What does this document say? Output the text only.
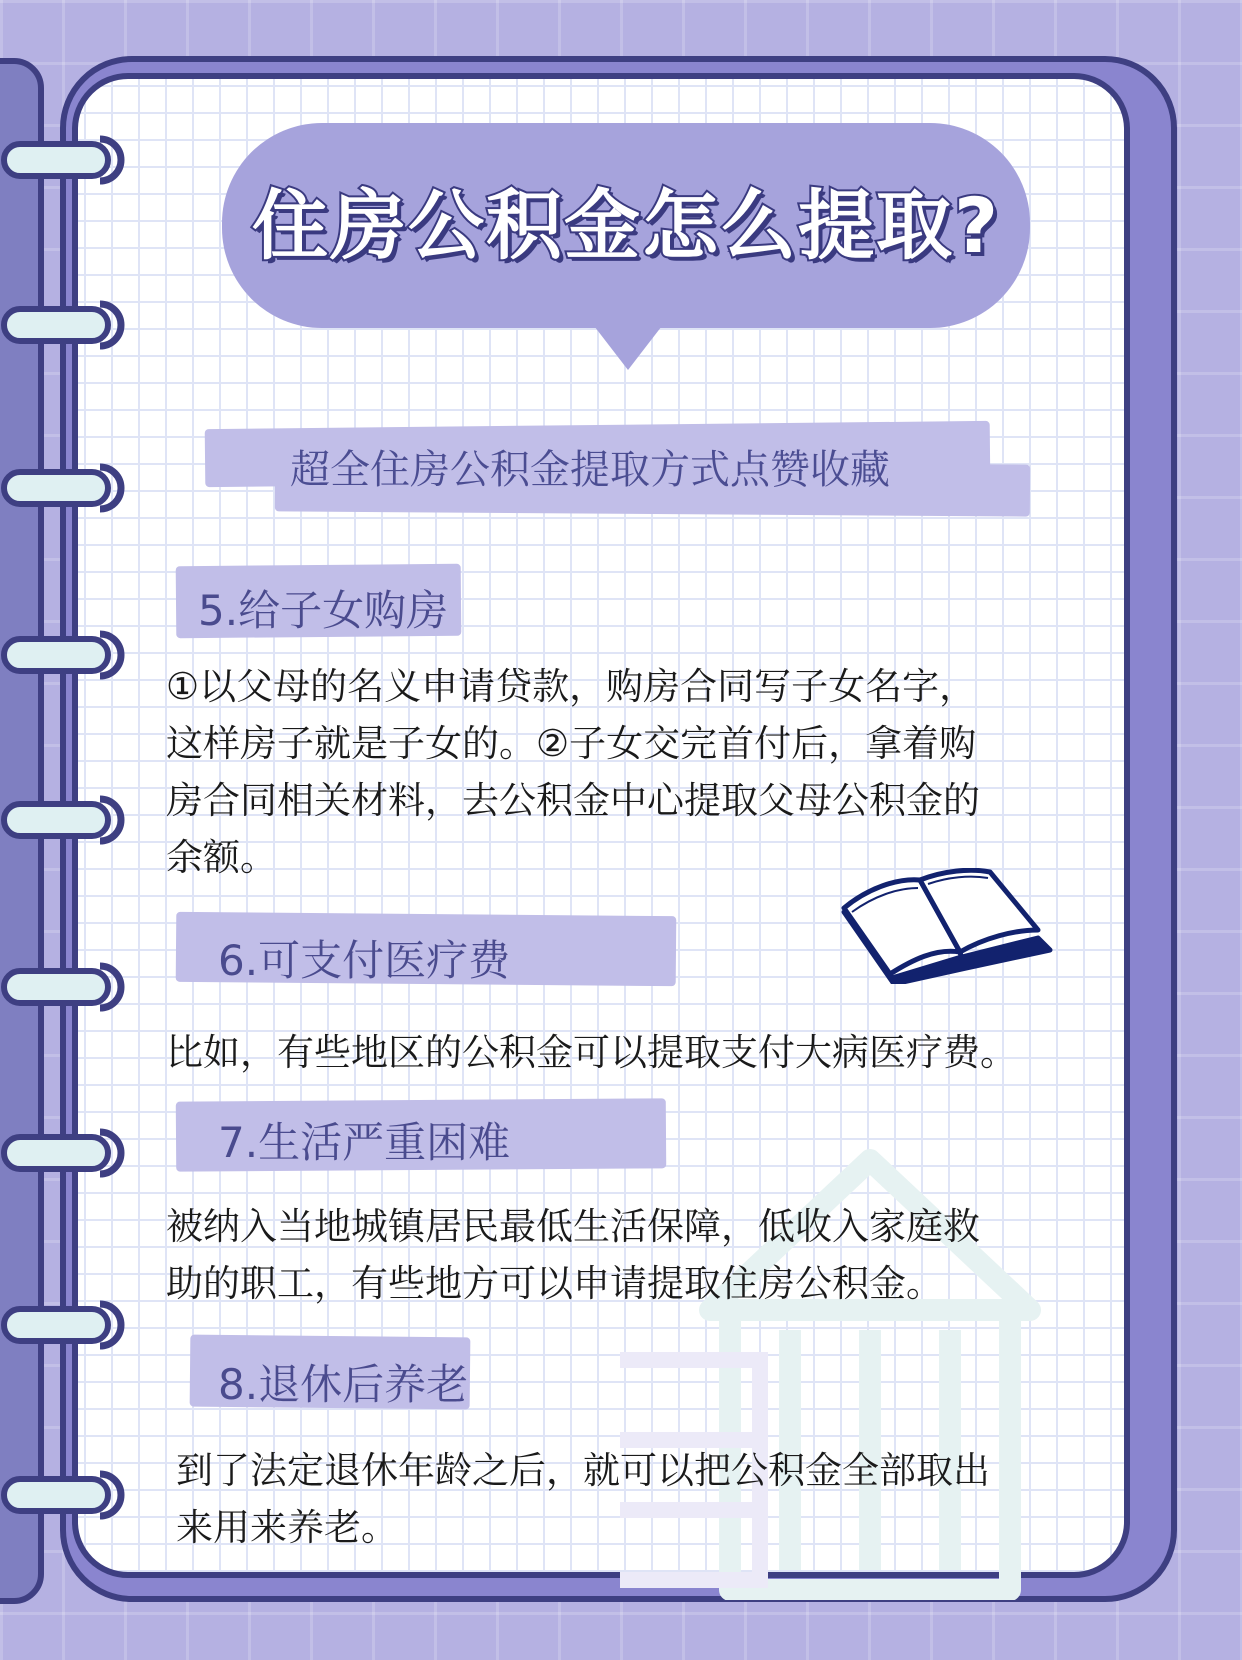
住房公积金怎么提取?
超全住房公积金提取方式点赞收藏
5.给子女购房
①以父母的名义申请贷款，购房合同写子女名字，
这样房子就是子女的。②子女交完首付后，拿着购
房合同相关材料，去公积金中心提取父母公积金的
余额。
6.可支付医疗费
比如，有些地区的公积金可以提取支付大病医疗费。
7.生活严重困难
被纳入当地城镇居民最低生活保障，低收入家庭救
助的职工，有些地方可以申请提取住房公积金。
8.退休后养老
到了法定退休年龄之后，就可以把公积金全部取出
来用来养老。
